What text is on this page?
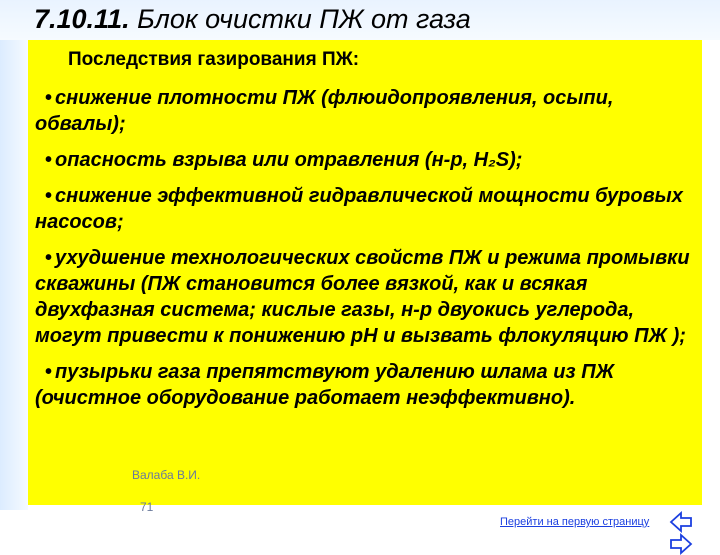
7.10.11. Блок очистки ПЖ от газа
Последствия газирования ПЖ:
• снижение плотности ПЖ (флюидопроявления, осыпи, обвалы);
• опасность взрыва или отравления (н-р, H₂S);
• снижение эффективной гидравлической мощности буровых насосов;
• ухудшение технологических свойств ПЖ и режима промывки скважины (ПЖ становится более вязкой, как и всякая двухфазная система; кислые газы, н-р двуокись углерода, могут привести к понижению pH и вызвать флокуляцию ПЖ );
• пузырьки газа препятствуют удалению шлама из ПЖ (очистное оборудование работает неэффективно).
Валаба В.И.
71
Перейти на первую страницу
